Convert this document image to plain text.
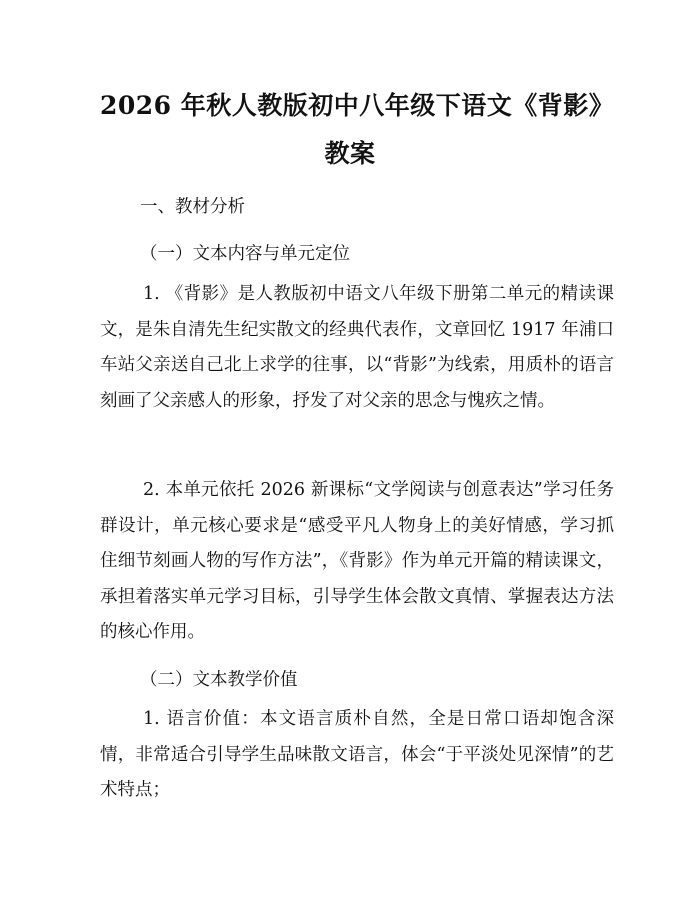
2026 年秋人教版初中八年级下语文《背影》
教案
一、教材分析
（一）文本内容与单元定位
1. 《背影》是人教版初中语文八年级下册第二单元的精读课文，是朱自清先生纪实散文的经典代表作，文章回忆 1917 年浦口车站父亲送自己北上求学的往事，以“背影”为线索，用质朴的语言刻画了父亲感人的形象，抒发了对父亲的思念与愧疚之情。
2. 本单元依托 2026 新课标“文学阅读与创意表达”学习任务群设计，单元核心要求是“感受平凡人物身上的美好情感，学习抓住细节刻画人物的写作方法”，《背影》作为单元开篇的精读课文，承担着落实单元学习目标，引导学生体会散文真情、掌握表达方法的核心作用。
（二）文本教学价值
1. 语言价值：本文语言质朴自然，全是日常口语却饱含深情，非常适合引导学生品味散文语言，体会“于平淡处见深情”的艺术特点；
